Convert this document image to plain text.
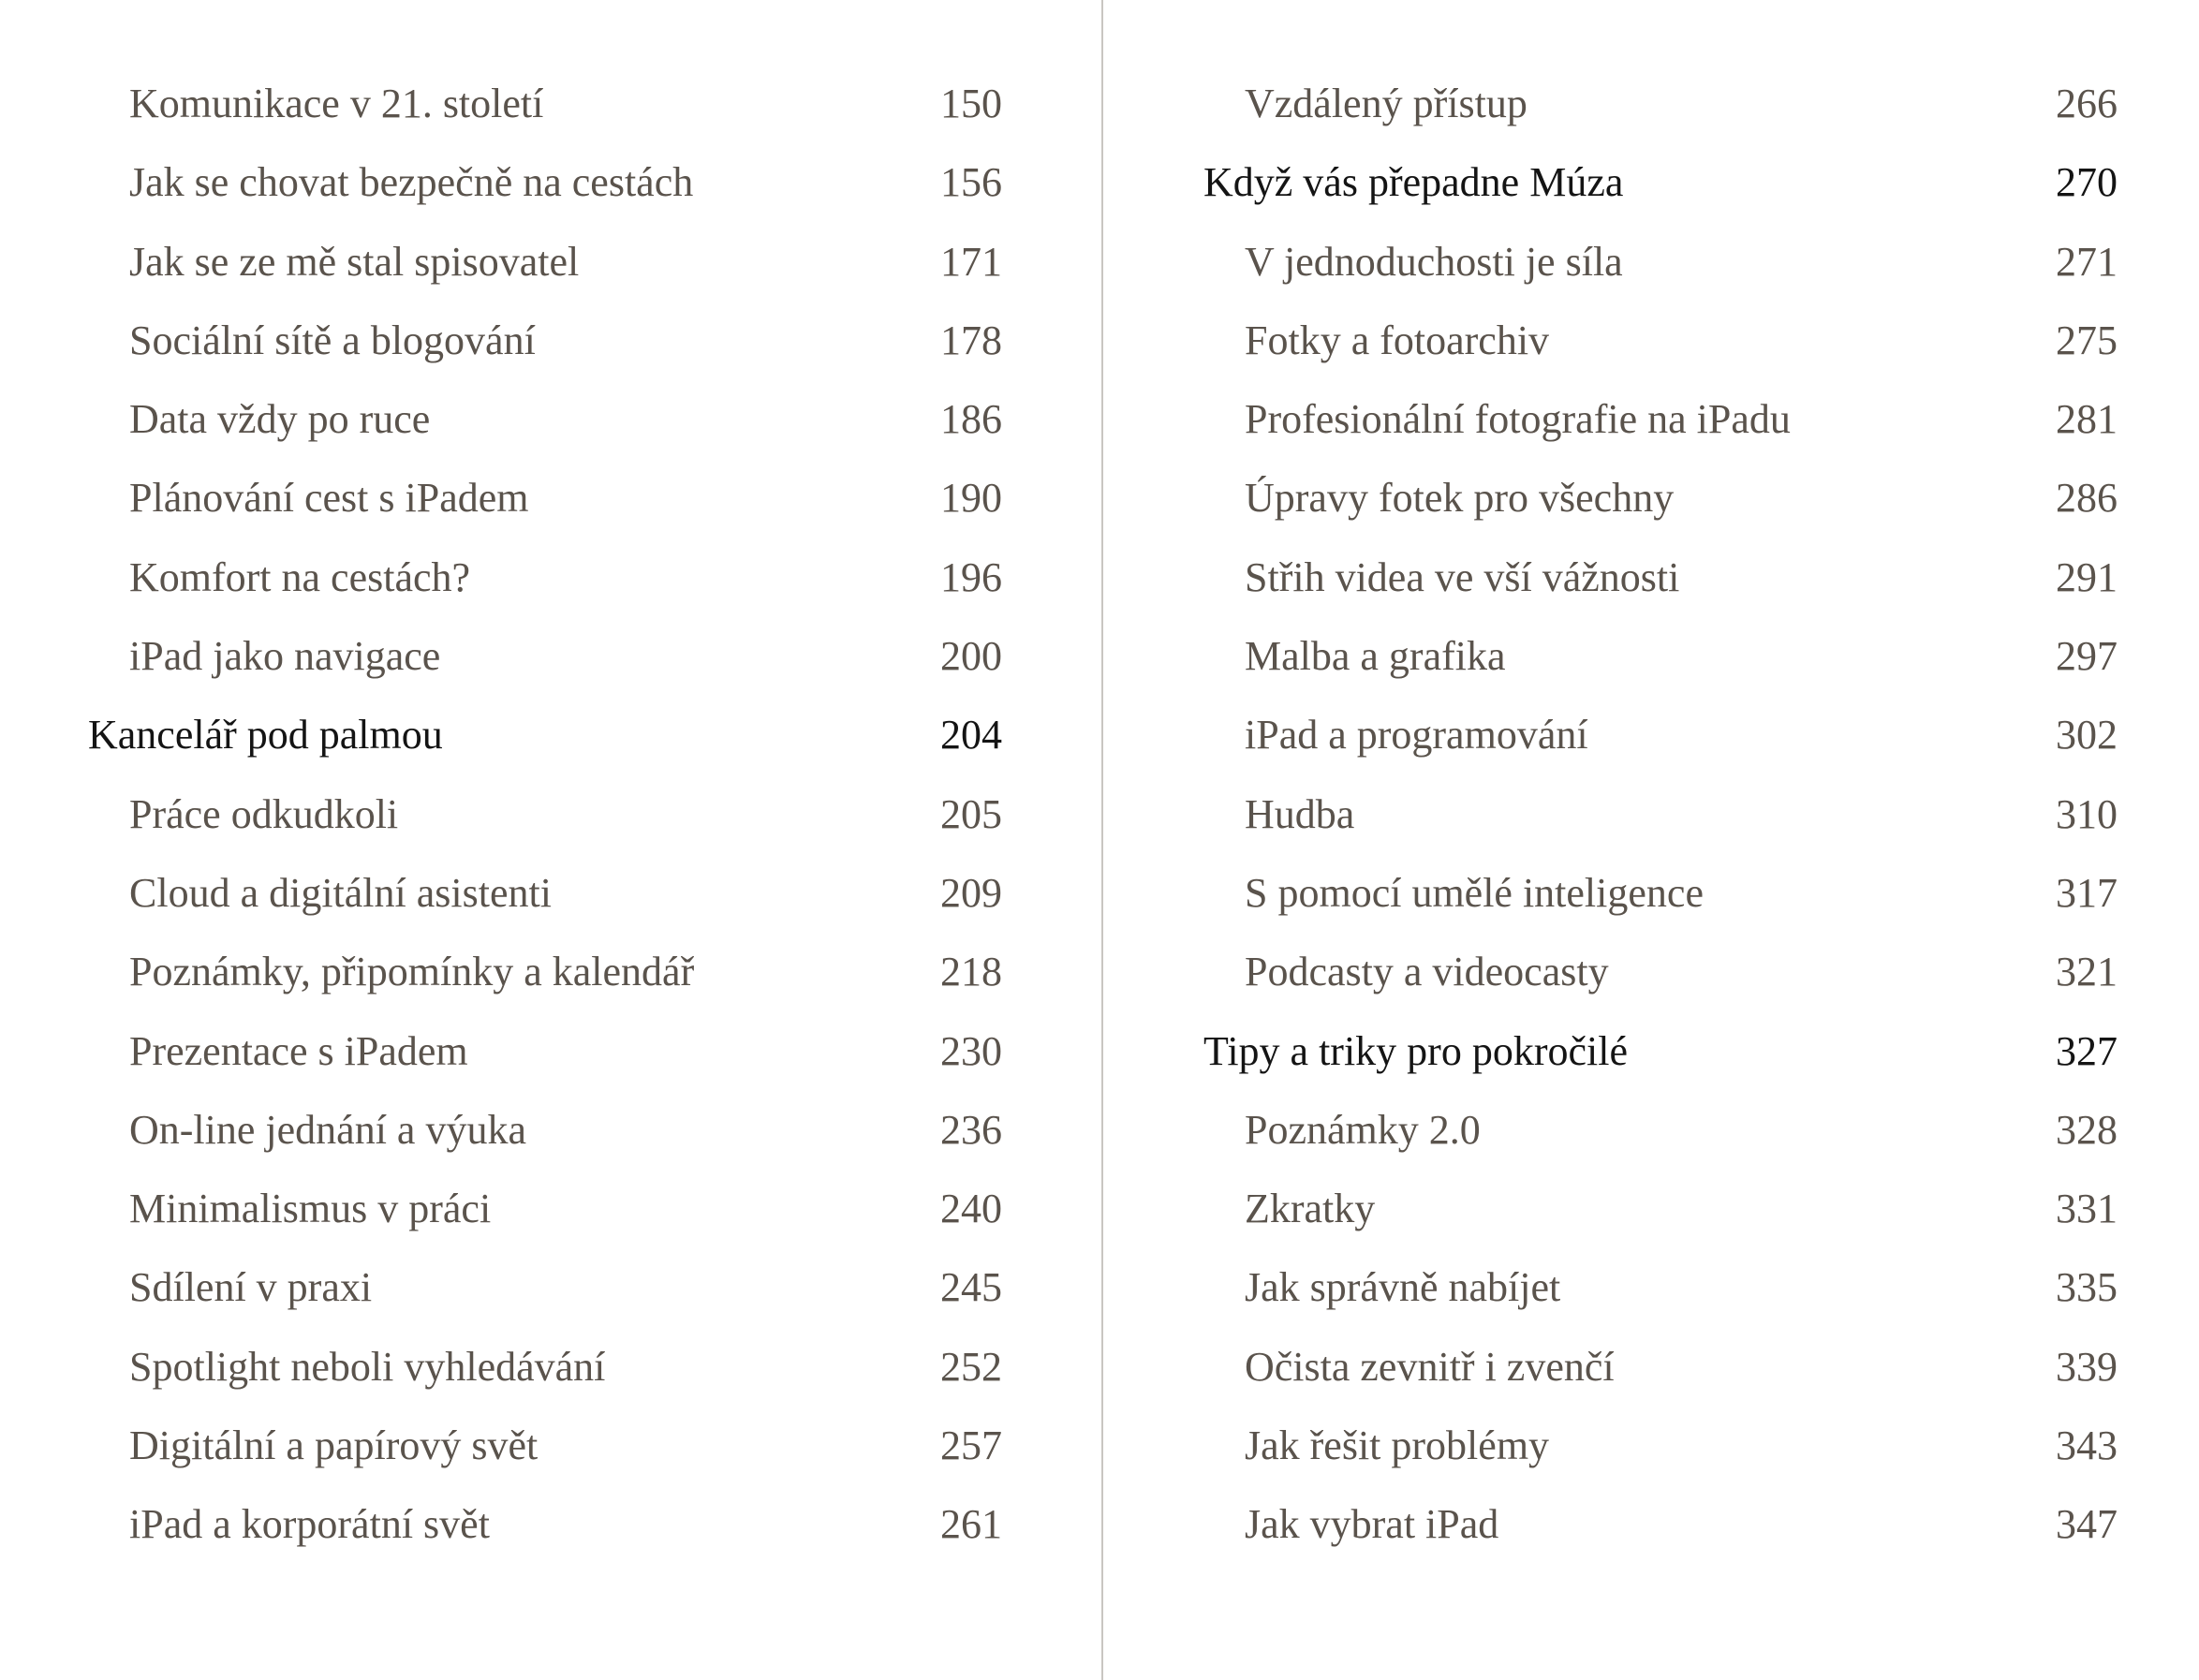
Komunikace v 21. století	150
Jak se chovat bezpečně na cestách	156
Jak se ze mě stal spisovatel	171
Sociální sítě a blogování	178
Data vždy po ruce	186
Plánování cest s iPadem	190
Komfort na cestách?	196
iPad jako navigace	200
Kancelář pod palmou	204
Práce odkudkoli	205
Cloud a digitální asistenti	209
Poznámky, připomínky a kalendář	218
Prezentace s iPadem	230
On-line jednání a výuka	236
Minimalismus v práci	240
Sdílení v praxi	245
Spotlight neboli vyhledávání	252
Digitální a papírový svět	257
iPad a korporátní svět	261
Vzdálený přístup	266
Když vás přepadne Múza	270
V jednoduchosti je síla	271
Fotky a fotoarchiv	275
Profesionální fotografie na iPadu	281
Úpravy fotek pro všechny	286
Střih videa ve vší vážnosti	291
Malba a grafika	297
iPad a programování	302
Hudba	310
S pomocí umělé inteligence	317
Podcasty a videocasty	321
Tipy a triky pro pokročilé	327
Poznámky 2.0	328
Zkratky	331
Jak správně nabíjet	335
Očista zevnitř i zvenčí	339
Jak řešit problémy	343
Jak vybrat iPad	347
